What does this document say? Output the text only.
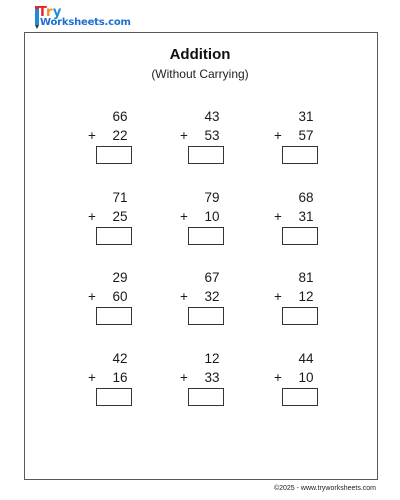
Try
Worksheets.com
Addition
(Without Carrying)
66
+	22
43
+	53
31
+	57
71
+	25
79
+	10
68
+	31
29
+	60
67
+	32
81
+	12
42
+	16
12
+	33
44
+	10
©2025 - www.tryworksheets.com
